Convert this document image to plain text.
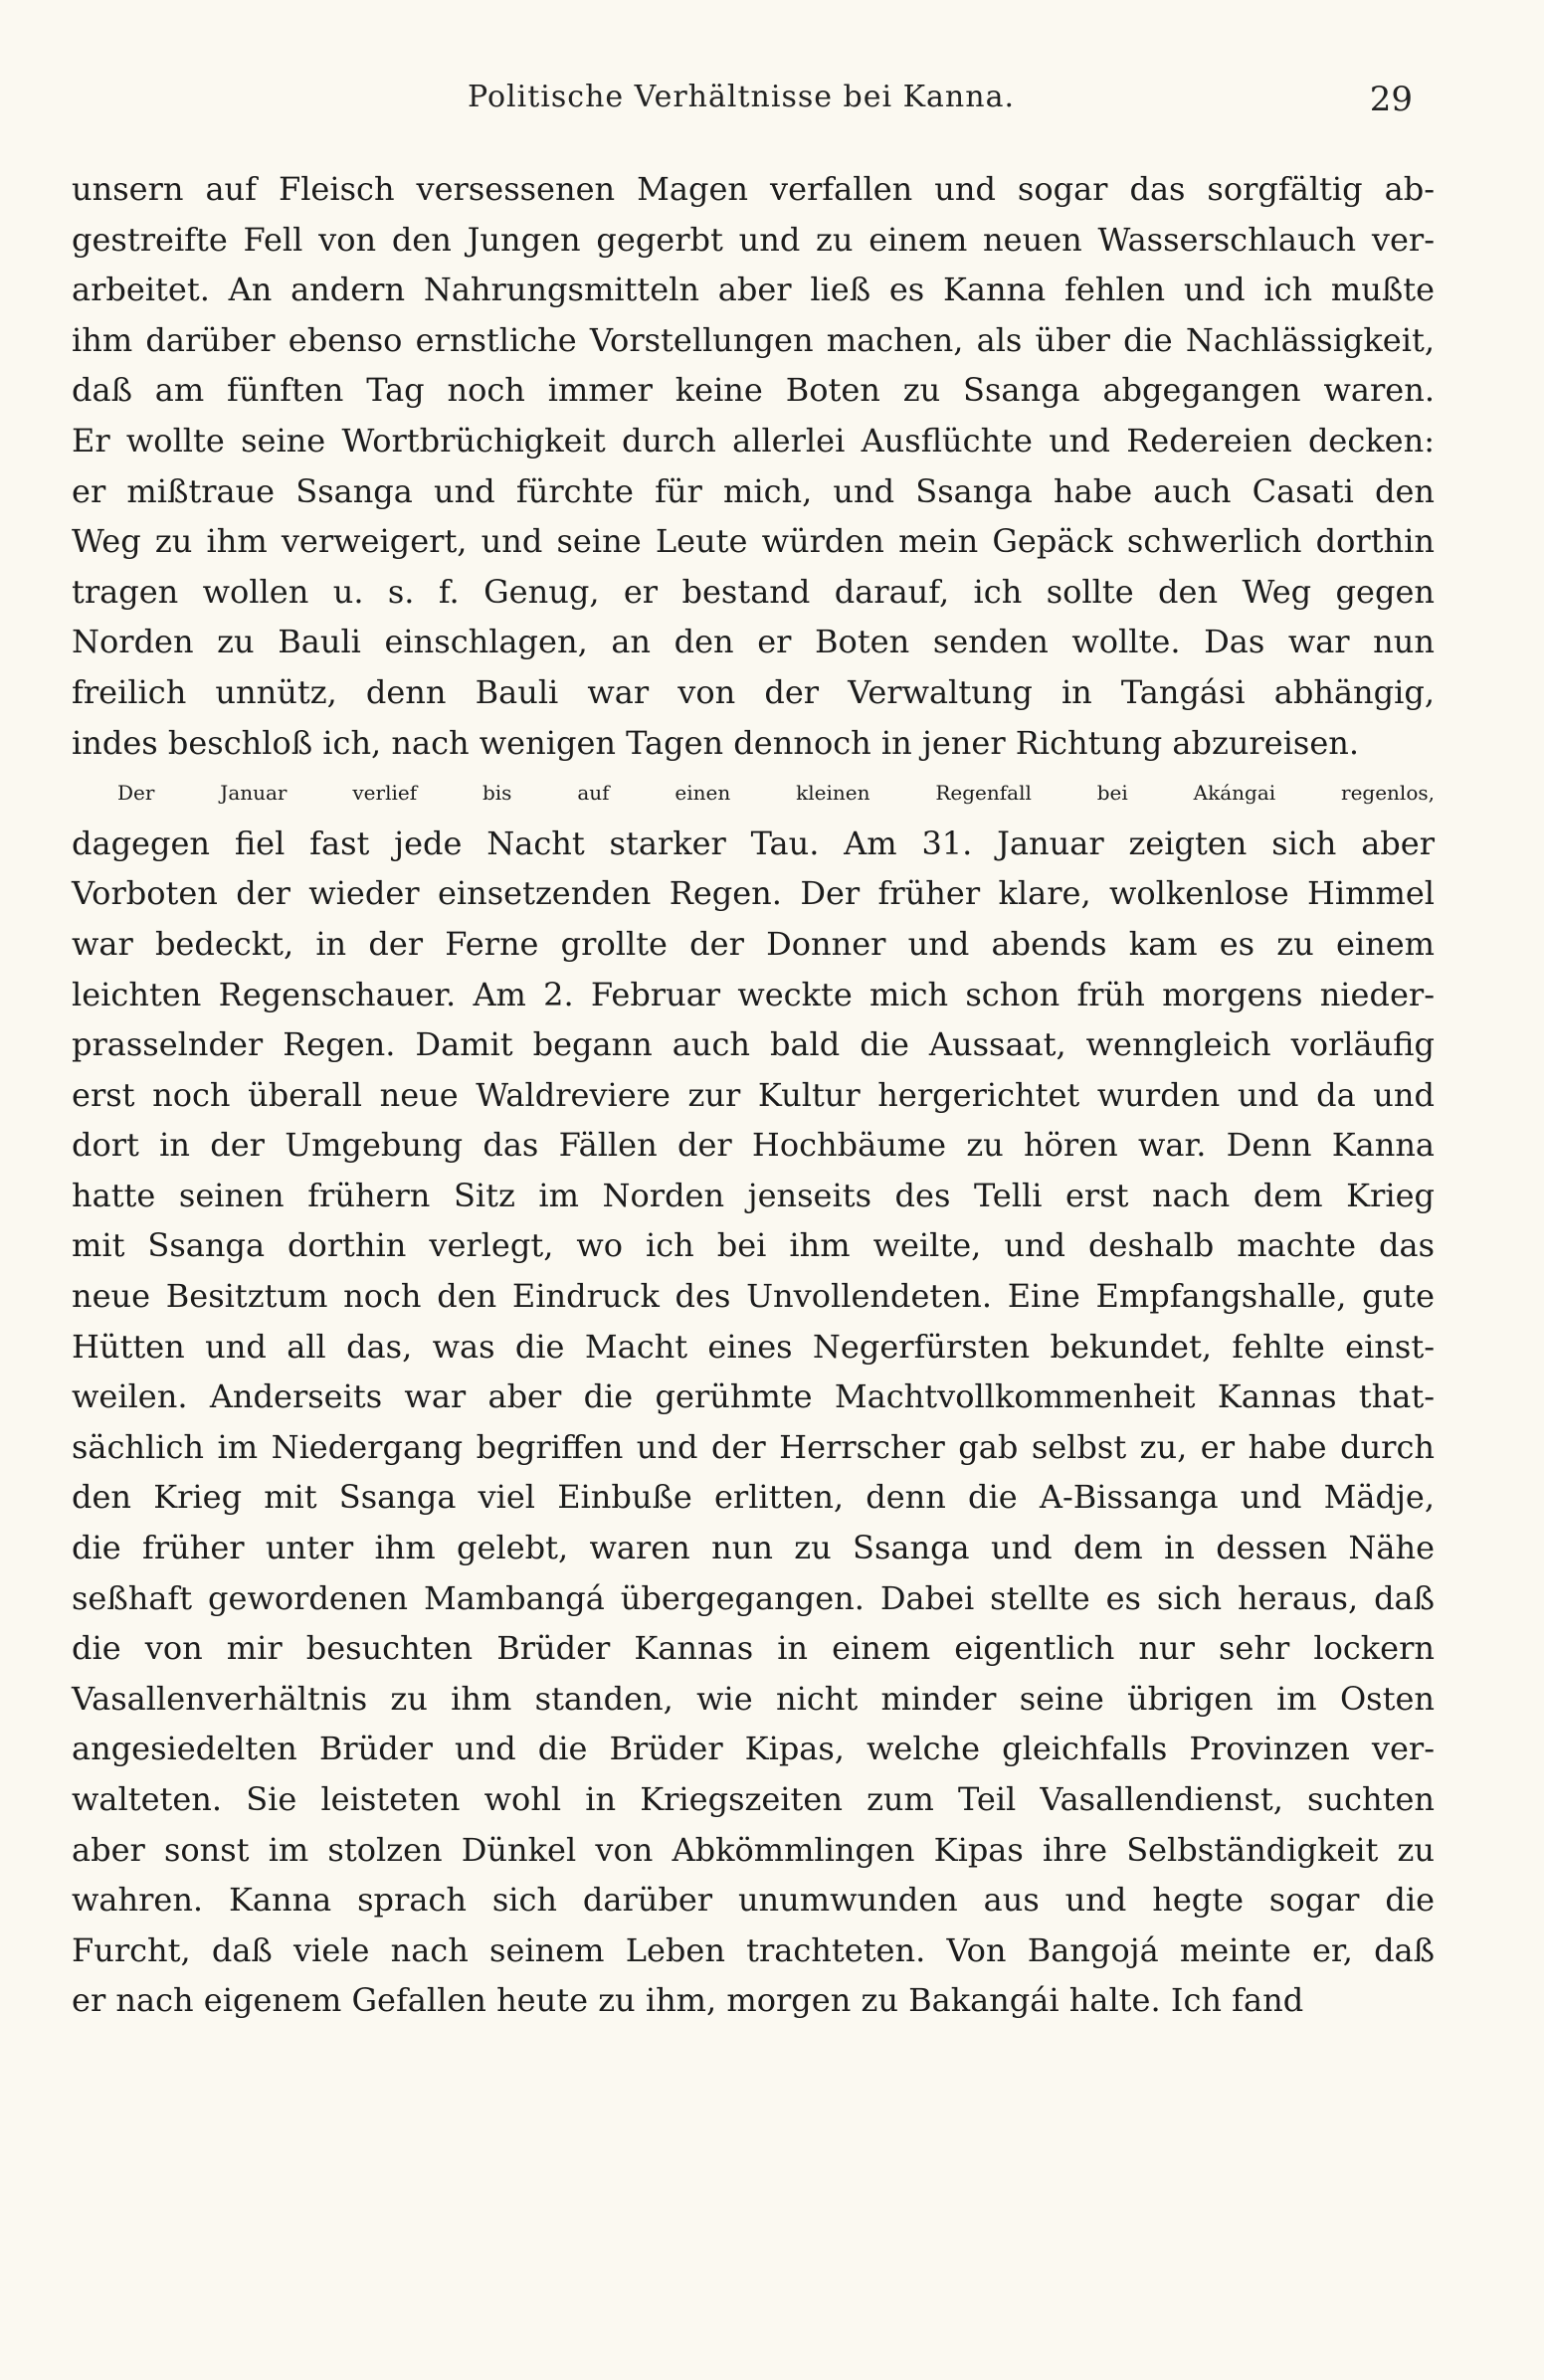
Politische Verhältnisse bei Kanna.	29
unsern auf Fleisch versessenen Magen verfallen und sogar das sorgfältig ab-
gestreifte Fell von den Jungen gegerbt und zu einem neuen Wasserschlauch ver-
arbeitet. An andern Nahrungsmitteln aber ließ es Kanna fehlen und ich mußte
ihm darüber ebenso ernstliche Vorstellungen machen, als über die Nachlässigkeit,
daß am fünften Tag noch immer keine Boten zu Ssanga abgegangen waren.
Er wollte seine Wortbrüchigkeit durch allerlei Ausflüchte und Redereien decken:
er mißtraue Ssanga und fürchte für mich, und Ssanga habe auch Casati den
Weg zu ihm verweigert, und seine Leute würden mein Gepäck schwerlich dorthin
tragen wollen u. s. f. Genug, er bestand darauf, ich sollte den Weg gegen
Norden zu Bauli einschlagen, an den er Boten senden wollte. Das war nun
freilich unnütz, denn Bauli war von der Verwaltung in Tangási abhängig,
indes beschloß ich, nach wenigen Tagen dennoch in jener Richtung abzureisen.
Der Januar verlief bis auf einen kleinen Regenfall bei Akángai regenlos,
dagegen fiel fast jede Nacht starker Tau. Am 31. Januar zeigten sich aber
Vorboten der wieder einsetzenden Regen. Der früher klare, wolkenlose Himmel
war bedeckt, in der Ferne grollte der Donner und abends kam es zu einem
leichten Regenschauer. Am 2. Februar weckte mich schon früh morgens nieder-
prasselnder Regen. Damit begann auch bald die Aussaat, wenngleich vorläufig
erst noch überall neue Waldreviere zur Kultur hergerichtet wurden und da und
dort in der Umgebung das Fällen der Hochbäume zu hören war. Denn Kanna
hatte seinen frühern Sitz im Norden jenseits des Telli erst nach dem Krieg
mit Ssanga dorthin verlegt, wo ich bei ihm weilte, und deshalb machte das
neue Besitztum noch den Eindruck des Unvollendeten. Eine Empfangshalle, gute
Hütten und all das, was die Macht eines Negerfürsten bekundet, fehlte einst-
weilen. Anderseits war aber die gerühmte Machtvollkommenheit Kannas that-
sächlich im Niedergang begriffen und der Herrscher gab selbst zu, er habe durch
den Krieg mit Ssanga viel Einbuße erlitten, denn die A-Bissanga und Mädje,
die früher unter ihm gelebt, waren nun zu Ssanga und dem in dessen Nähe
seßhaft gewordenen Mambangá übergegangen. Dabei stellte es sich heraus, daß
die von mir besuchten Brüder Kannas in einem eigentlich nur sehr lockern
Vasallenverhältnis zu ihm standen, wie nicht minder seine übrigen im Osten
angesiedelten Brüder und die Brüder Kipas, welche gleichfalls Provinzen ver-
walteten. Sie leisteten wohl in Kriegszeiten zum Teil Vasallendienst, suchten
aber sonst im stolzen Dünkel von Abkömmlingen Kipas ihre Selbständigkeit zu
wahren. Kanna sprach sich darüber unumwunden aus und hegte sogar die
Furcht, daß viele nach seinem Leben trachteten. Von Bangojá meinte er, daß
er nach eigenem Gefallen heute zu ihm, morgen zu Bakangái halte. Ich fand
